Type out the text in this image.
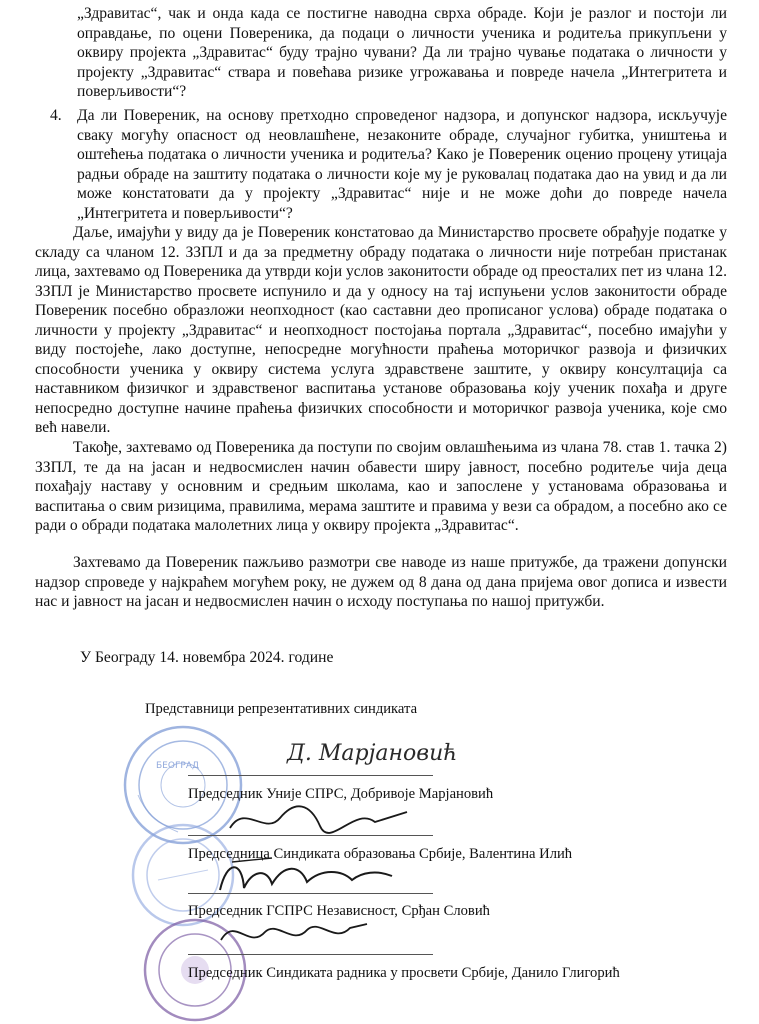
„Здравитас“, чак и онда када се постигне наводна сврха обраде. Који је разлог и постоји ли оправдање, по оцени Повереника, да подаци о личности ученика и родитеља прикупљени у оквиру пројекта „Здравитас“ буду трајно чувани? Да ли трајно чување података о личности у пројекту „Здравитас“ ствара и повећава ризике угрожавања и повреде начела „Интегритета и поверљивости“?

4. Да ли Повереник, на основу претходно спроведеног надзора, и допунског надзора, искључује сваку могућу опасност од неовлашћене, незаконите обраде, случајног губитка, уништења и оштећења података о личности ученика и родитеља? Како је Повереник оценио процену утицаја радњи обраде на заштиту података о личности које му је руковалац података дао на увид и да ли може констатовати да у пројекту „Здравитас“ није и не може доћи до повреде начела „Интегритета и поверљивости“?

Даље, имајући у виду да је Повереник констатовао да Министарство просвете обрађује податке у складу са чланом 12. ЗЗПЛ и да за предметну обраду података о личности није потребан пристанак лица, захтевамо од Повереника да утврди који услов законитости обраде од преосталих пет из члана 12. ЗЗПЛ је Министарство просвете испунило и да у односу на тај испуњени услов законитости обраде Повереник посебно образложи неопходност (као саставни део прописаног услова) обраде података о личности у пројекту „Здравитас“ и неопходност постојања портала „Здравитас“, посебно имајући у виду постојеће, лако доступне, непосредне могућности праћења моторичког развоја и физичких способности ученика у оквиру система услуга здравствене заштите, у оквиру консултација са наставником физичког и здравственог васпитања установе образовања коју ученик похађа и друге непосредно доступне начине праћења физичких способности и моторичког развоја ученика, које смо већ навели.

Такође, захтевамо од Повереника да поступи по својим овлашћењима из члана 78. став 1. тачка 2) ЗЗПЛ, те да на јасан и недвосмислен начин обавести ширу јавност, посебно родитеље чија деца похађају наставу у основним и средњим школама, као и запослене у установама образовања и васпитања о свим ризицима, правилима, мерама заштите и правима у вези са обрадом, а посебно ако се ради о обради података малолетних лица у оквиру пројекта „Здравитас“.

Захтевамо да Повереник пажљиво размотри све наводе из наше притужбе, да тражени допунски надзор спроведе у најкраћем могућем року, не дужем од 8 дана од дана пријема овог дописа и извести нас и јавност на јасан и недвосмислен начин о исходу поступања по нашој притужби.

У Београду 14. новембра 2024. године

БЕОГРАД

Представници репрезентативних синдиката

Д. Марјановић

Председник Уније СПРС, Добривоје Марјановић

Председница Синдиката образовања Србије, Валентина Илић

Председник ГСПРС Независност, Срђан Словић

Председник Синдиката радника у просвети Србије, Данило Глигорић
